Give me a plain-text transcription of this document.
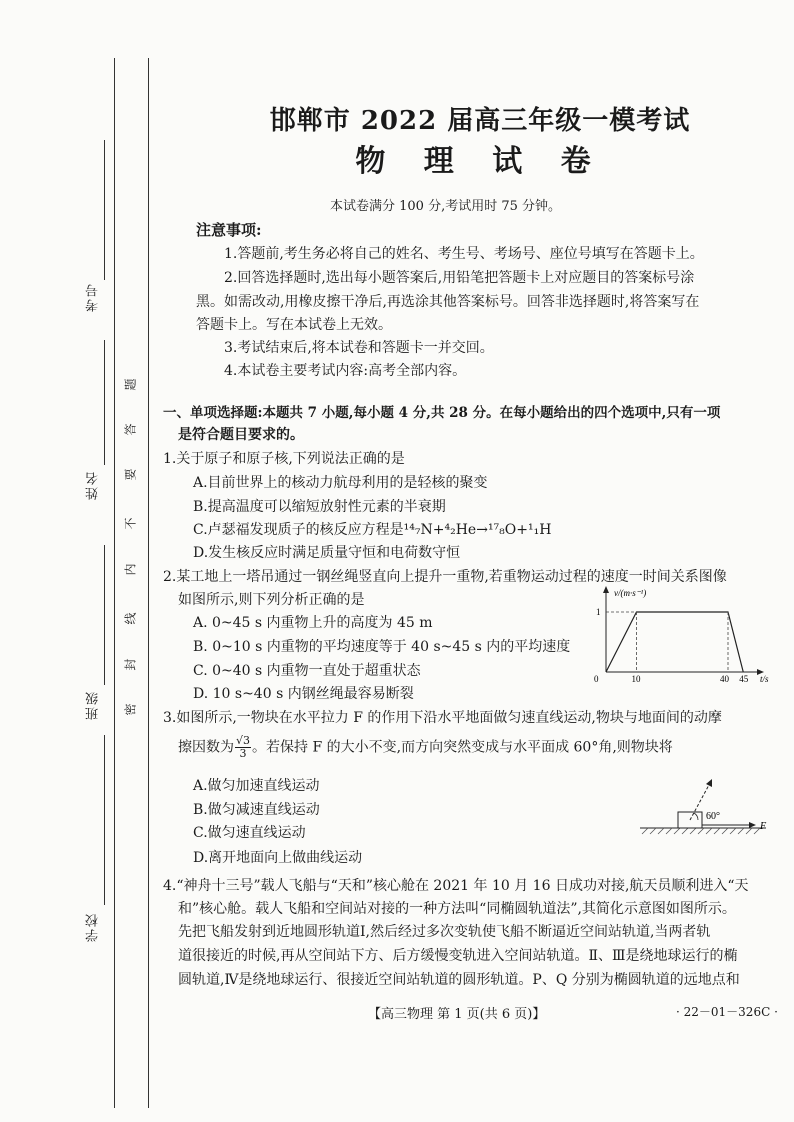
考号
姓名
班级
学校
题
答
要
不
内
线
封
密
邯郸市 2022 届高三年级一模考试
物 理 试 卷
本试卷满分 100 分,考试用时 75 分钟。
注意事项:
1.答题前,考生务必将自己的姓名、考生号、考场号、座位号填写在答题卡上。
2.回答选择题时,选出每小题答案后,用铅笔把答题卡上对应题目的答案标号涂
黑。如需改动,用橡皮擦干净后,再选涂其他答案标号。回答非选择题时,将答案写在
答题卡上。写在本试卷上无效。
3.考试结束后,将本试卷和答题卡一并交回。
4.本试卷主要考试内容:高考全部内容。
一、单项选择题:本题共 7 小题,每小题 4 分,共 28 分。在每小题给出的四个选项中,只有一项
是符合题目要求的。
1.关于原子和原子核,下列说法正确的是
A.目前世界上的核动力航母利用的是轻核的聚变
B.提高温度可以缩短放射性元素的半衰期
C.卢瑟福发现质子的核反应方程是¹⁴₇N+⁴₂He→¹⁷₈O+¹₁H
D.发生核反应时满足质量守恒和电荷数守恒
2.某工地上一塔吊通过一钢丝绳竖直向上提升一重物,若重物运动过程的速度一时间关系图像
如图所示,则下列分析正确的是
A. 0~45 s 内重物上升的高度为 45 m
B. 0~10 s 内重物的平均速度等于 40 s~45 s 内的平均速度
C. 0~40 s 内重物一直处于超重状态
D. 10 s~40 s 内钢丝绳最容易断裂
0	10	40 45
1
v/(m·s⁻¹)
t/s
3.如图所示,一物块在水平拉力 F 的作用下沿水平地面做匀速直线运动,物块与地面间的动摩
擦因数为 $\frac{√3}{3}$ 。若保持 F 的大小不变,而方向突然变成与水平面成 60°角,则物块将
A.做匀加速直线运动
B.做匀减速直线运动
C.做匀速直线运动
D.离开地面向上做曲线运动
60°
F
4.“神舟十三号”载人飞船与“天和”核心舱在 2021 年 10 月 16 日成功对接,航天员顺利进入“天
和”核心舱。载人飞船和空间站对接的一种方法叫“同椭圆轨道法”,其简化示意图如图所示。
先把飞船发射到近地圆形轨道Ⅰ,然后经过多次变轨使飞船不断逼近空间站轨道,当两者轨
道很接近的时候,再从空间站下方、后方缓慢变轨进入空间站轨道。Ⅱ、Ⅲ是绕地球运行的椭
圆轨道,Ⅳ是绕地球运行、很接近空间站轨道的圆形轨道。P、Q 分别为椭圆轨道的远地点和
【高三物理 第 1 页(共 6 页)】	· 22－01－326C ·
